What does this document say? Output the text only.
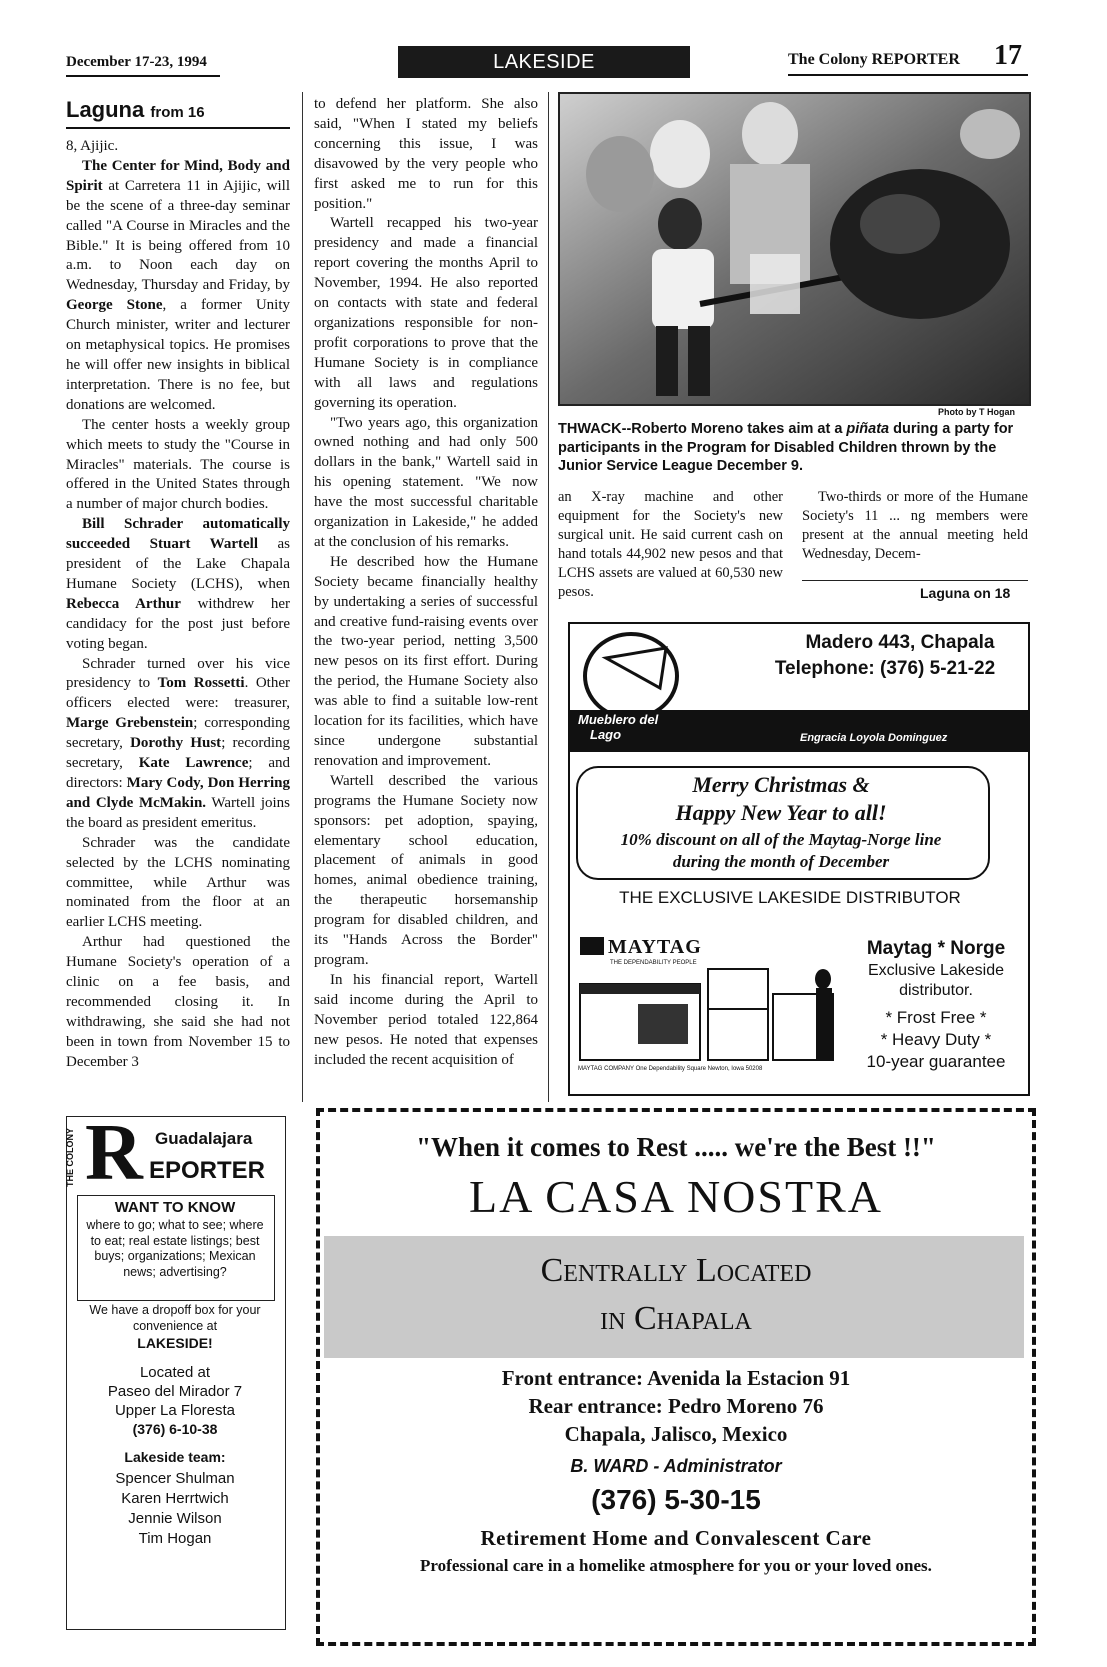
December 17-23, 1994	LAKESIDE	The Colony REPORTER 17
Laguna from 16

8, Ajijic.

The Center for Mind, Body and Spirit at Carretera 11 in Ajijic, will be the scene of a three-day seminar called "A Course in Miracles and the Bible." It is being offered from 10 a.m. to Noon each day on Wednesday, Thursday and Friday, by George Stone, a former Unity Church minister, writer and lecturer on metaphysical topics. He promises he will offer new insights in biblical interpretation. There is no fee, but donations are welcomed.

The center hosts a weekly group which meets to study the "Course in Miracles" materials. The course is offered in the United States through a number of major church bodies.

Bill Schrader automatically succeeded Stuart Wartell as president of the Lake Chapala Humane Society (LCHS), when Rebecca Arthur withdrew her candidacy for the post just before voting began.

Schrader turned over his vice presidency to Tom Rossetti. Other officers elected were: treasurer, Marge Grebenstein; corresponding secretary, Dorothy Hust; recording secretary, Kate Lawrence; and directors: Mary Cody, Don Herring and Clyde McMakin. Wartell joins the board as president emeritus.

Schrader was the candidate selected by the LCHS nominating committee, while Arthur was nominated from the floor at an earlier LCHS meeting.

Arthur had questioned the Humane Society's operation of a clinic on a fee basis, and recommended closing it. In withdrawing, she said she had not been in town from November 15 to December 3

to defend her platform. She also said, "When I stated my beliefs concerning this issue, I was disavowed by the very people who first asked me to run for this position."

Wartell recapped his two-year presidency and made a financial report covering the months April to November, 1994. He also reported on contacts with state and federal organizations responsible for non-profit corporations to prove that the Humane Society is in compliance with all laws and regulations governing its operation.

"Two years ago, this organization owned nothing and had only 500 dollars in the bank," Wartell said in his opening statement. "We now have the most successful charitable organization in Lakeside," he added at the conclusion of his remarks.

He described how the Humane Society became financially healthy by undertaking a series of successful and creative fund-raising events over the two-year period, netting 3,500 new pesos on its first effort. During the period, the Humane Society also was able to find a suitable low-rent location for its facilities, which have since undergone substantial renovation and improvement.

Wartell described the various programs the Humane Society now sponsors: pet adoption, spaying, elementary school education, placement of animals in good homes, animal obedience training, the therapeutic horsemanship program for disabled children, and its "Hands Across the Border" program.

In his financial report, Wartell said income during the April to November period totaled 122,864 new pesos. He noted that expenses included the recent acquisition of

Photo by T Hogan
THWACK--Roberto Moreno takes aim at a piñata during a party for participants in the Program for Disabled Children thrown by the Junior Service League December 9.

an X-ray machine and other equipment for the Society's new surgical unit. He said current cash on hand totals 44,902 new pesos and that LCHS assets are valued at 60,530 new pesos.

Two-thirds or more of the Humane Society's 11 ... ng members were present at the annual meeting held Wednesday, Decem-

Laguna on 18
Madero 443, Chapala
Telephone: (376) 5-21-22
Mueblero del
Lago	Engracia Loyola Dominguez
Merry Christmas &
Happy New Year to all!
10% discount on all of the Maytag-Norge line
during the month of December
THE EXCLUSIVE LAKESIDE DISTRIBUTOR
MAYTAG
THE DEPENDABILITY PEOPLE
MAYTAG COMPANY One Dependability Square Newton, Iowa 50208
Maytag * Norge
Exclusive Lakeside
distributor.
* Frost Free *
* Heavy Duty *
10-year guarantee
THE COLONY R Guadalajara
EPORTER
WANT TO KNOW
where to go; what to see; where to eat; real estate listings; best buys; organizations; Mexican news; advertising?
We have a dropoff box for your convenience at
LAKESIDE!
Located at
Paseo del Mirador 7
Upper La Floresta
(376) 6-10-38
Lakeside team:
Spencer Shulman
Karen Herrtwich
Jennie Wilson
Tim Hogan
"When it comes to Rest ..... we're the Best !!"
LA CASA NOSTRA
Centrally Located
in Chapala
Front entrance: Avenida la Estacion 91
Rear entrance: Pedro Moreno 76
Chapala, Jalisco, Mexico
B. WARD - Administrator
(376) 5-30-15
Retirement Home and Convalescent Care
Professional care in a homelike atmosphere for you or your loved ones.
